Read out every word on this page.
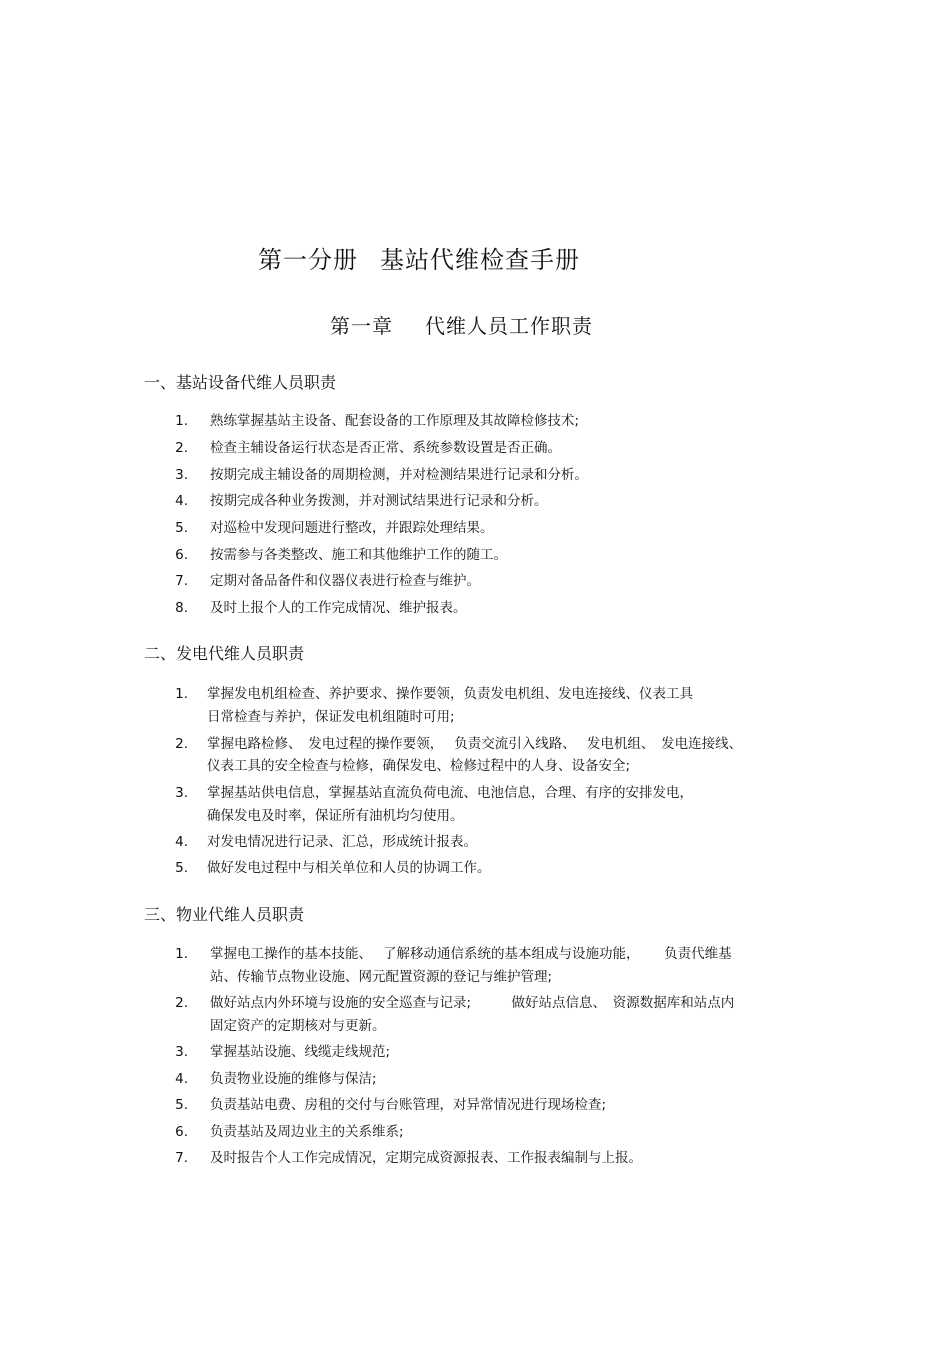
第一分册 基站代维检查手册
第一章 代维人员工作职责
一、基站设备代维人员职责
1. 熟练掌握基站主设备、配套设备的工作原理及其故障检修技术;
2. 检查主辅设备运行状态是否正常、系统参数设置是否正确。
3. 按期完成主辅设备的周期检测，并对检测结果进行记录和分析。
4. 按期完成各种业务拨测，并对测试结果进行记录和分析。
5. 对巡检中发现问题进行整改，并跟踪处理结果。
6. 按需参与各类整改、施工和其他维护工作的随工。
7. 定期对备品备件和仪器仪表进行检查与维护。
8. 及时上报个人的工作完成情况、维护报表。
二、发电代维人员职责
1. 掌握发电机组检查、养护要求、操作要领，负责发电机组、发电连接线、仪表工具
日常检查与养护，保证发电机组随时可用;
2. 掌握电路检修、　发电过程的操作要领，　 负责交流引入线路、　 发电机组、　发电连接线、
仪表工具的安全检查与检修，确保发电、检修过程中的人身、设备安全;
3. 掌握基站供电信息，掌握基站直流负荷电流、电池信息，合理、有序的安排发电，
确保发电及时率，保证所有油机均匀使用。
4. 对发电情况进行记录、汇总，形成统计报表。
5. 做好发电过程中与相关单位和人员的协调工作。
三、物业代维人员职责
1. 掌握电工操作的基本技能、　 了解移动通信系统的基本组成与设施功能，　　 负责代维基
站、传输节点物业设施、网元配置资源的登记与维护管理;
2. 做好站点内外环境与设施的安全巡查与记录;　　　做好站点信息、　资源数据库和站点内
固定资产的定期核对与更新。
3. 掌握基站设施、线缆走线规范;
4. 负责物业设施的维修与保洁;
5. 负责基站电费、房租的交付与台账管理，对异常情况进行现场检查;
6. 负责基站及周边业主的关系维系;
7. 及时报告个人工作完成情况，定期完成资源报表、工作报表编制与上报。
